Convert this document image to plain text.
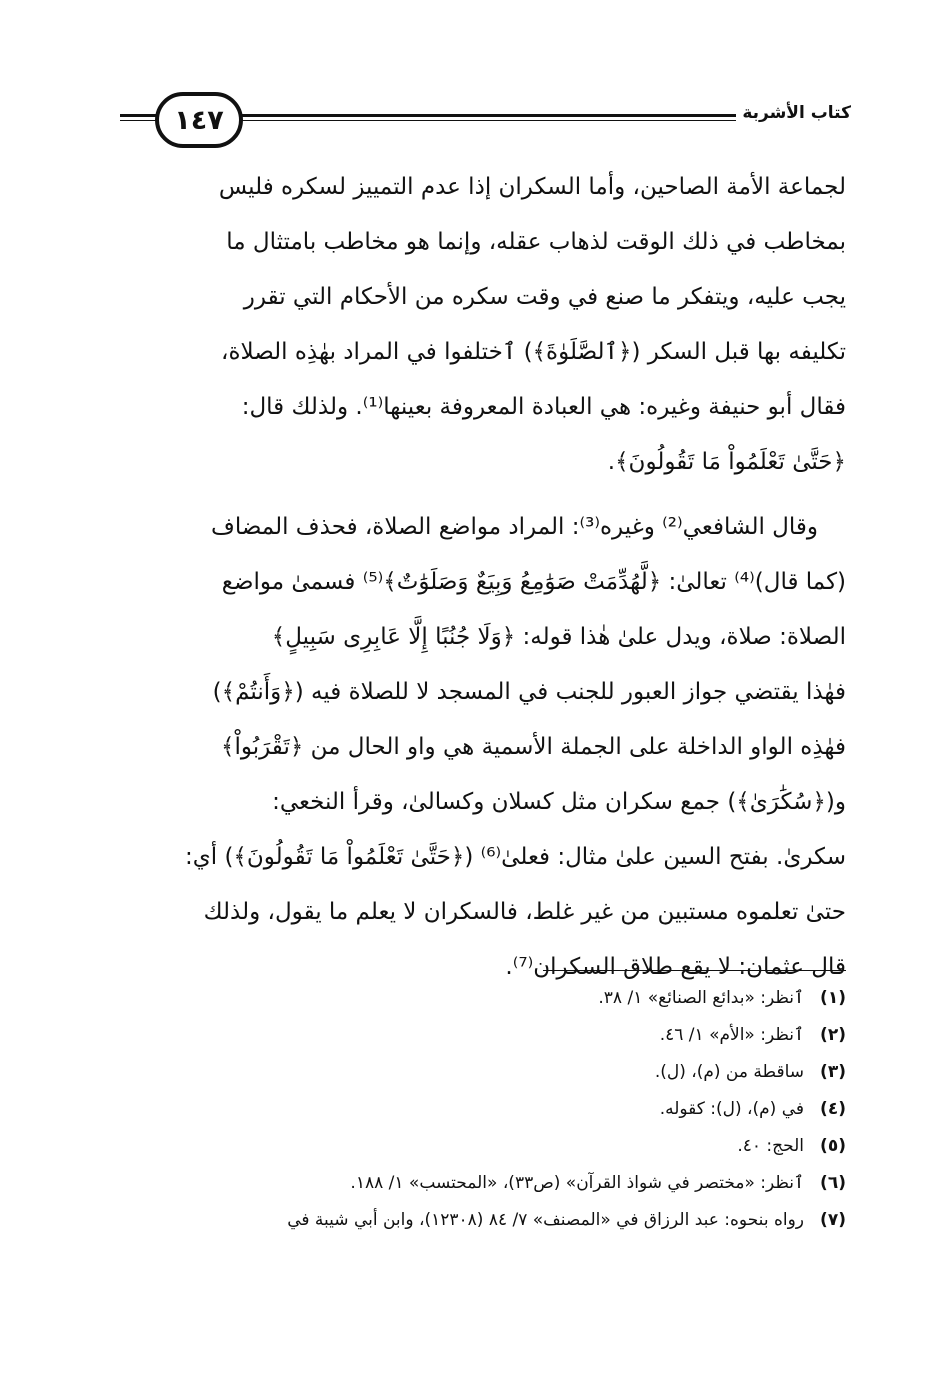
١٤٧	كتاب الأشربة

لجماعة الأمة الصاحين، وأما السكران إذا عدم التمييز لسكره فليس
بمخاطب في ذلك الوقت لذهاب عقله، وإنما هو مخاطب بامتثال ما
يجب عليه، ويتفكر ما صنع في وقت سكره من الأحكام التي تقرر
تكليفه بها قبل السكر (﴿ٱلصَّلَوٰةَ﴾) ٱختلفوا في المراد بهٰذِه الصلاة،
فقال أبو حنيفة وغيره: هي العبادة المعروفة بعينها⁽¹⁾. ولذلك قال:
﴿حَتَّىٰ تَعْلَمُواْ مَا تَقُولُونَ﴾.

وقال الشافعي⁽²⁾ وغيره⁽³⁾: المراد مواضع الصلاة، فحذف المضاف
(كما قال)⁽⁴⁾ تعالىٰ: ﴿لَّهُدِّمَتْ صَوَٰمِعُ وَبِيَعٌ وَصَلَوَٰتٌ﴾⁽⁵⁾ فسمىٰ مواضع
الصلاة: صلاة، ويدل علىٰ هٰذا قوله: ﴿وَلَا جُنُبًا إِلَّا عَابِرِى سَبِيلٍ﴾
فهٰذا يقتضي جواز العبور للجنب في المسجد لا للصلاة فيه (﴿وَأَنتُمْ﴾)
فهٰذِه الواو الداخلة على الجملة الأسمية هي واو الحال من ﴿تَقْرَبُواْ﴾
و(﴿سُكَٰرَىٰ﴾) جمع سكران مثل كسلان وكسالىٰ، وقرأ النخعي:
سكرىٰ. بفتح السين علىٰ مثال: فعلىٰ⁽⁶⁾ (﴿حَتَّىٰ تَعْلَمُواْ مَا تَقُولُونَ﴾) أي:
حتىٰ تعلموه مستبين من غير غلط، فالسكران لا يعلم ما يقول، ولذلك
قال عثمان: لا يقع طلاق السكران⁽⁷⁾.

(١)ٱنظر: «بدائع الصنائع» ١/ ٣٨.
(٢)ٱنظر: «الأم» ١/ ٤٦.
(٣)ساقطة من (م)، (ل).
(٤)في (م)، (ل): كقوله.
(٥)الحج: ٤٠.
(٦)ٱنظر: «مختصر في شواذ القرآن» (ص٣٣)، «المحتسب» ١/ ١٨٨.
(٧)رواه بنحوه: عبد الرزاق في «المصنف» ٧/ ٨٤ (١٢٣٠٨)، وابن أبي شيبة في
